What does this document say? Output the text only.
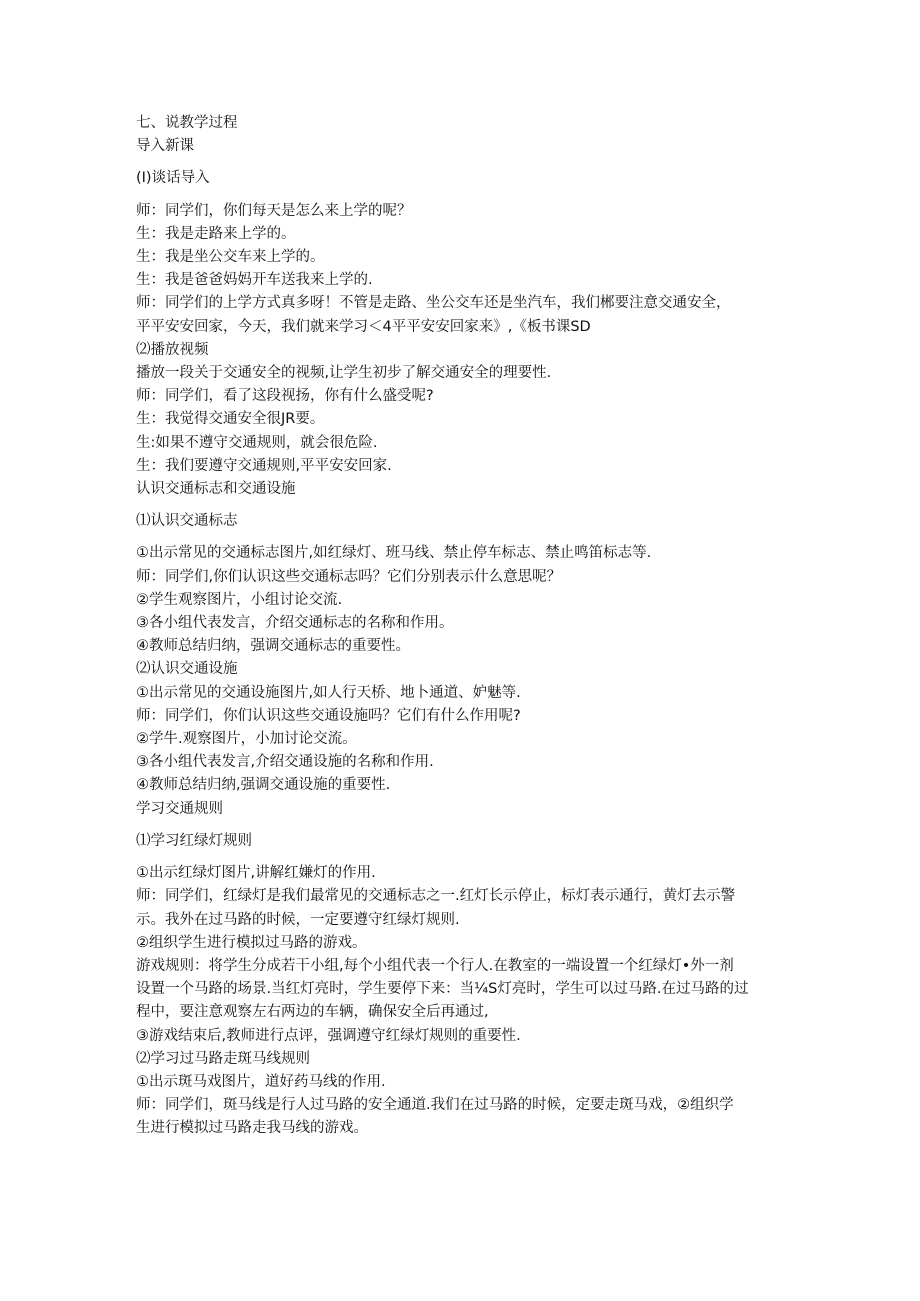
七、说教学过程
导入新课
(I)谈话导入
师：同学们，你们每天是怎么来上学的呢？
生：我是走路来上学的。
生：我是坐公交车来上学的。
生：我是爸爸妈妈开车送我来上学的.
师：同学们的上学方式真多呀！不管是走路、坐公交车还是坐汽车，我们郴要注意交通安全，
平平安安回家，今天，我们就来学习＜4平平安安回家来》,《板书课SD
⑵播放视频
播放一段关于交通安全的视频,让学生初步了解交通安全的理要性.
师：同学们，看了这段视扬，你有什么盛受呢?
生：我觉得交通安全很JR要。
生:如果不遵守交通规则，就会很危险.
生：我们要遵守交通规则,平平安安回家.
认识交通标志和交通设施
⑴认识交通标志
①出示常见的交通标志图片,如红绿灯、班马线、禁止停车标志、禁止鸣笛标志等.
师：同学们,你们认识这些交通标志吗？它们分别表示什么意思呢？
②学生观察图片，小组讨论交流.
③各小组代表发言，介绍交通标志的名称和作用。
④教师总结归纳，强调交通标志的重要性。
⑵认识交通设施
①出示常见的交通设施图片,如人行天桥、地卜通道、妒魅等.
师：同学们，你们认识这些交通设施吗？它们有什么作用呢?
②学牛.观察图片，小加讨论交流。
③各小组代表发言,介绍交通设施的名称和作用.
④教师总结归纳,强调交通设施的重要性.
学习交通规则
⑴学习红绿灯规则
①出示红绿灯图片,讲解红嫌灯的作用.
师：同学们，红绿灯是我们最常见的交通标志之一.红灯长示停止，标灯表示通行，黄灯去示警
示。我外在过马路的时候，一定要遵守红绿灯规则.
②组织学生进行模拟过马路的游戏。
游戏规则：将学生分成若干小组,每个小组代表一个行人.在教室的一端设置一个红绿灯•外一剂
设置一个马路的场景.当红灯亮时，学生要停下来：当¼S灯亮时，学生可以过马路.在过马路的过
程中，要注意观察左右两边的车辆，确保安全后再通过,
③游戏结束后,教师进行点评，强调遵守红绿灯规则的重要性.
⑵学习过马路走斑马线规则
①出示斑马戏图片，道好药马线的作用.
师：同学们，斑马线是行人过马路的安全通道.我们在过马路的时候，定要走斑马戏，②组织学
生进行模拟过马路走我马线的游戏。
